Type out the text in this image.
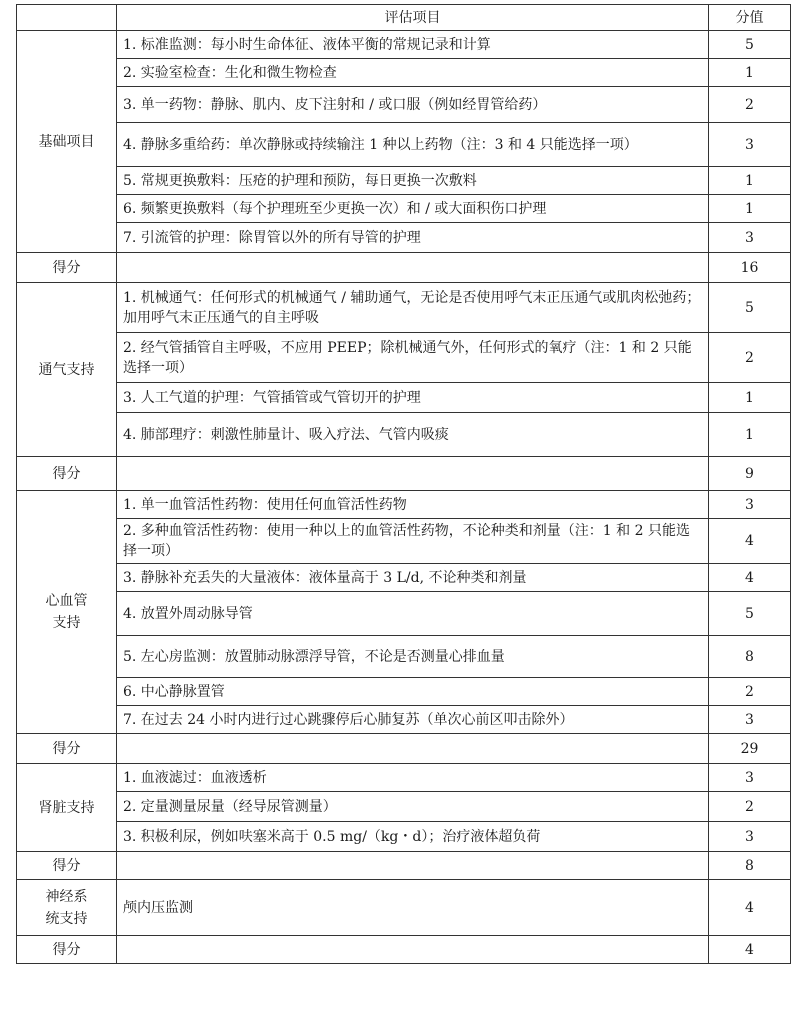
	评估项目	分值
基础项目	1. 标准监测：每小时生命体征、液体平衡的常规记录和计算	5
	2. 实验室检查：生化和微生物检查	1
	3. 单一药物：静脉、肌内、皮下注射和 / 或口服（例如经胃管给药）	2
	4. 静脉多重给药：单次静脉或持续输注 1 种以上药物（注：3 和 4 只能选择一项）	3
	5. 常规更换敷料：压疮的护理和预防，每日更换一次敷料	1
	6. 频繁更换敷料（每个护理班至少更换一次）和 / 或大面积伤口护理	1
	7. 引流管的护理：除胃管以外的所有导管的护理	3
得分		16
通气支持	1. 机械通气：任何形式的机械通气 / 辅助通气，无论是否使用呼气末正压通气或肌肉松弛药；加用呼气末正压通气的自主呼吸	5
	2. 经气管插管自主呼吸，不应用 PEEP；除机械通气外，任何形式的氧疗（注：1 和 2 只能选择一项）	2
	3. 人工气道的护理：气管插管或气管切开的护理	1
	4. 肺部理疗：刺激性肺量计、吸入疗法、气管内吸痰	1
得分		9
心血管支持	1. 单一血管活性药物：使用任何血管活性药物	3
	2. 多种血管活性药物：使用一种以上的血管活性药物，不论种类和剂量（注：1 和 2 只能选择一项）	4
	3. 静脉补充丢失的大量液体：液体量高于 3 L/d, 不论种类和剂量	4
	4. 放置外周动脉导管	5
	5. 左心房监测：放置肺动脉漂浮导管，不论是否测量心排血量	8
	6. 中心静脉置管	2
	7. 在过去 24 小时内进行过心跳骤停后心肺复苏（单次心前区叩击除外）	3
得分		29
肾脏支持	1. 血液滤过：血液透析	3
	2. 定量测量尿量（经导尿管测量）	2
	3. 积极利尿，例如呋塞米高于 0.5 mg/（kg・d）；治疗液体超负荷	3
得分		8
神经系统支持	颅内压监测	4
得分		4
